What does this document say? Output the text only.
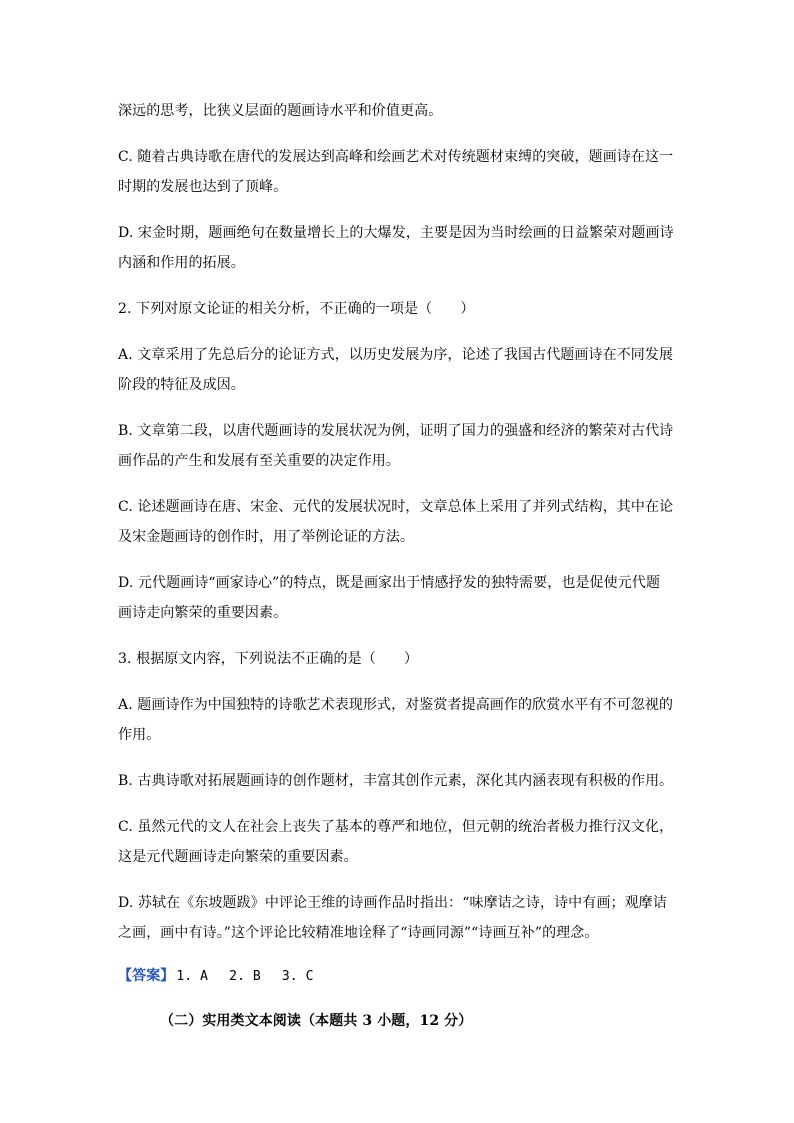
深远的思考，比狭义层面的题画诗水平和价值更高。
C. 随着古典诗歌在唐代的发展达到高峰和绘画艺术对传统题材束缚的突破，题画诗在这一
时期的发展也达到了顶峰。
D. 宋金时期，题画绝句在数量增长上的大爆发，主要是因为当时绘画的日益繁荣对题画诗
内涵和作用的拓展。
2. 下列对原文论证的相关分析，不正确的一项是（　　）
A. 文章采用了先总后分的论证方式，以历史发展为序，论述了我国古代题画诗在不同发展
阶段的特征及成因。
B. 文章第二段，以唐代题画诗的发展状况为例，证明了国力的强盛和经济的繁荣对古代诗
画作品的产生和发展有至关重要的决定作用。
C. 论述题画诗在唐、宋金、元代的发展状况时，文章总体上采用了并列式结构，其中在论
及宋金题画诗的创作时，用了举例论证的方法。
D. 元代题画诗“画家诗心”的特点，既是画家出于情感抒发的独特需要，也是促使元代题
画诗走向繁荣的重要因素。
3. 根据原文内容，下列说法不正确的是（　　）
A. 题画诗作为中国独特的诗歌艺术表现形式，对鉴赏者提高画作的欣赏水平有不可忽视的
作用。
B. 古典诗歌对拓展题画诗的创作题材，丰富其创作元素，深化其内涵表现有积极的作用。
C. 虽然元代的文人在社会上丧失了基本的尊严和地位，但元朝的统治者极力推行汉文化，
这是元代题画诗走向繁荣的重要因素。
D. 苏轼在《东坡题跋》中评论王维的诗画作品时指出：“味摩诘之诗，诗中有画；观摩诘
之画，画中有诗。”这个评论比较精准地诠释了“诗画同源”“诗画互补”的理念。
【答案】 1. A　 2. B　 3. C
（二）实用类文本阅读（本题共 3 小题，12 分）
